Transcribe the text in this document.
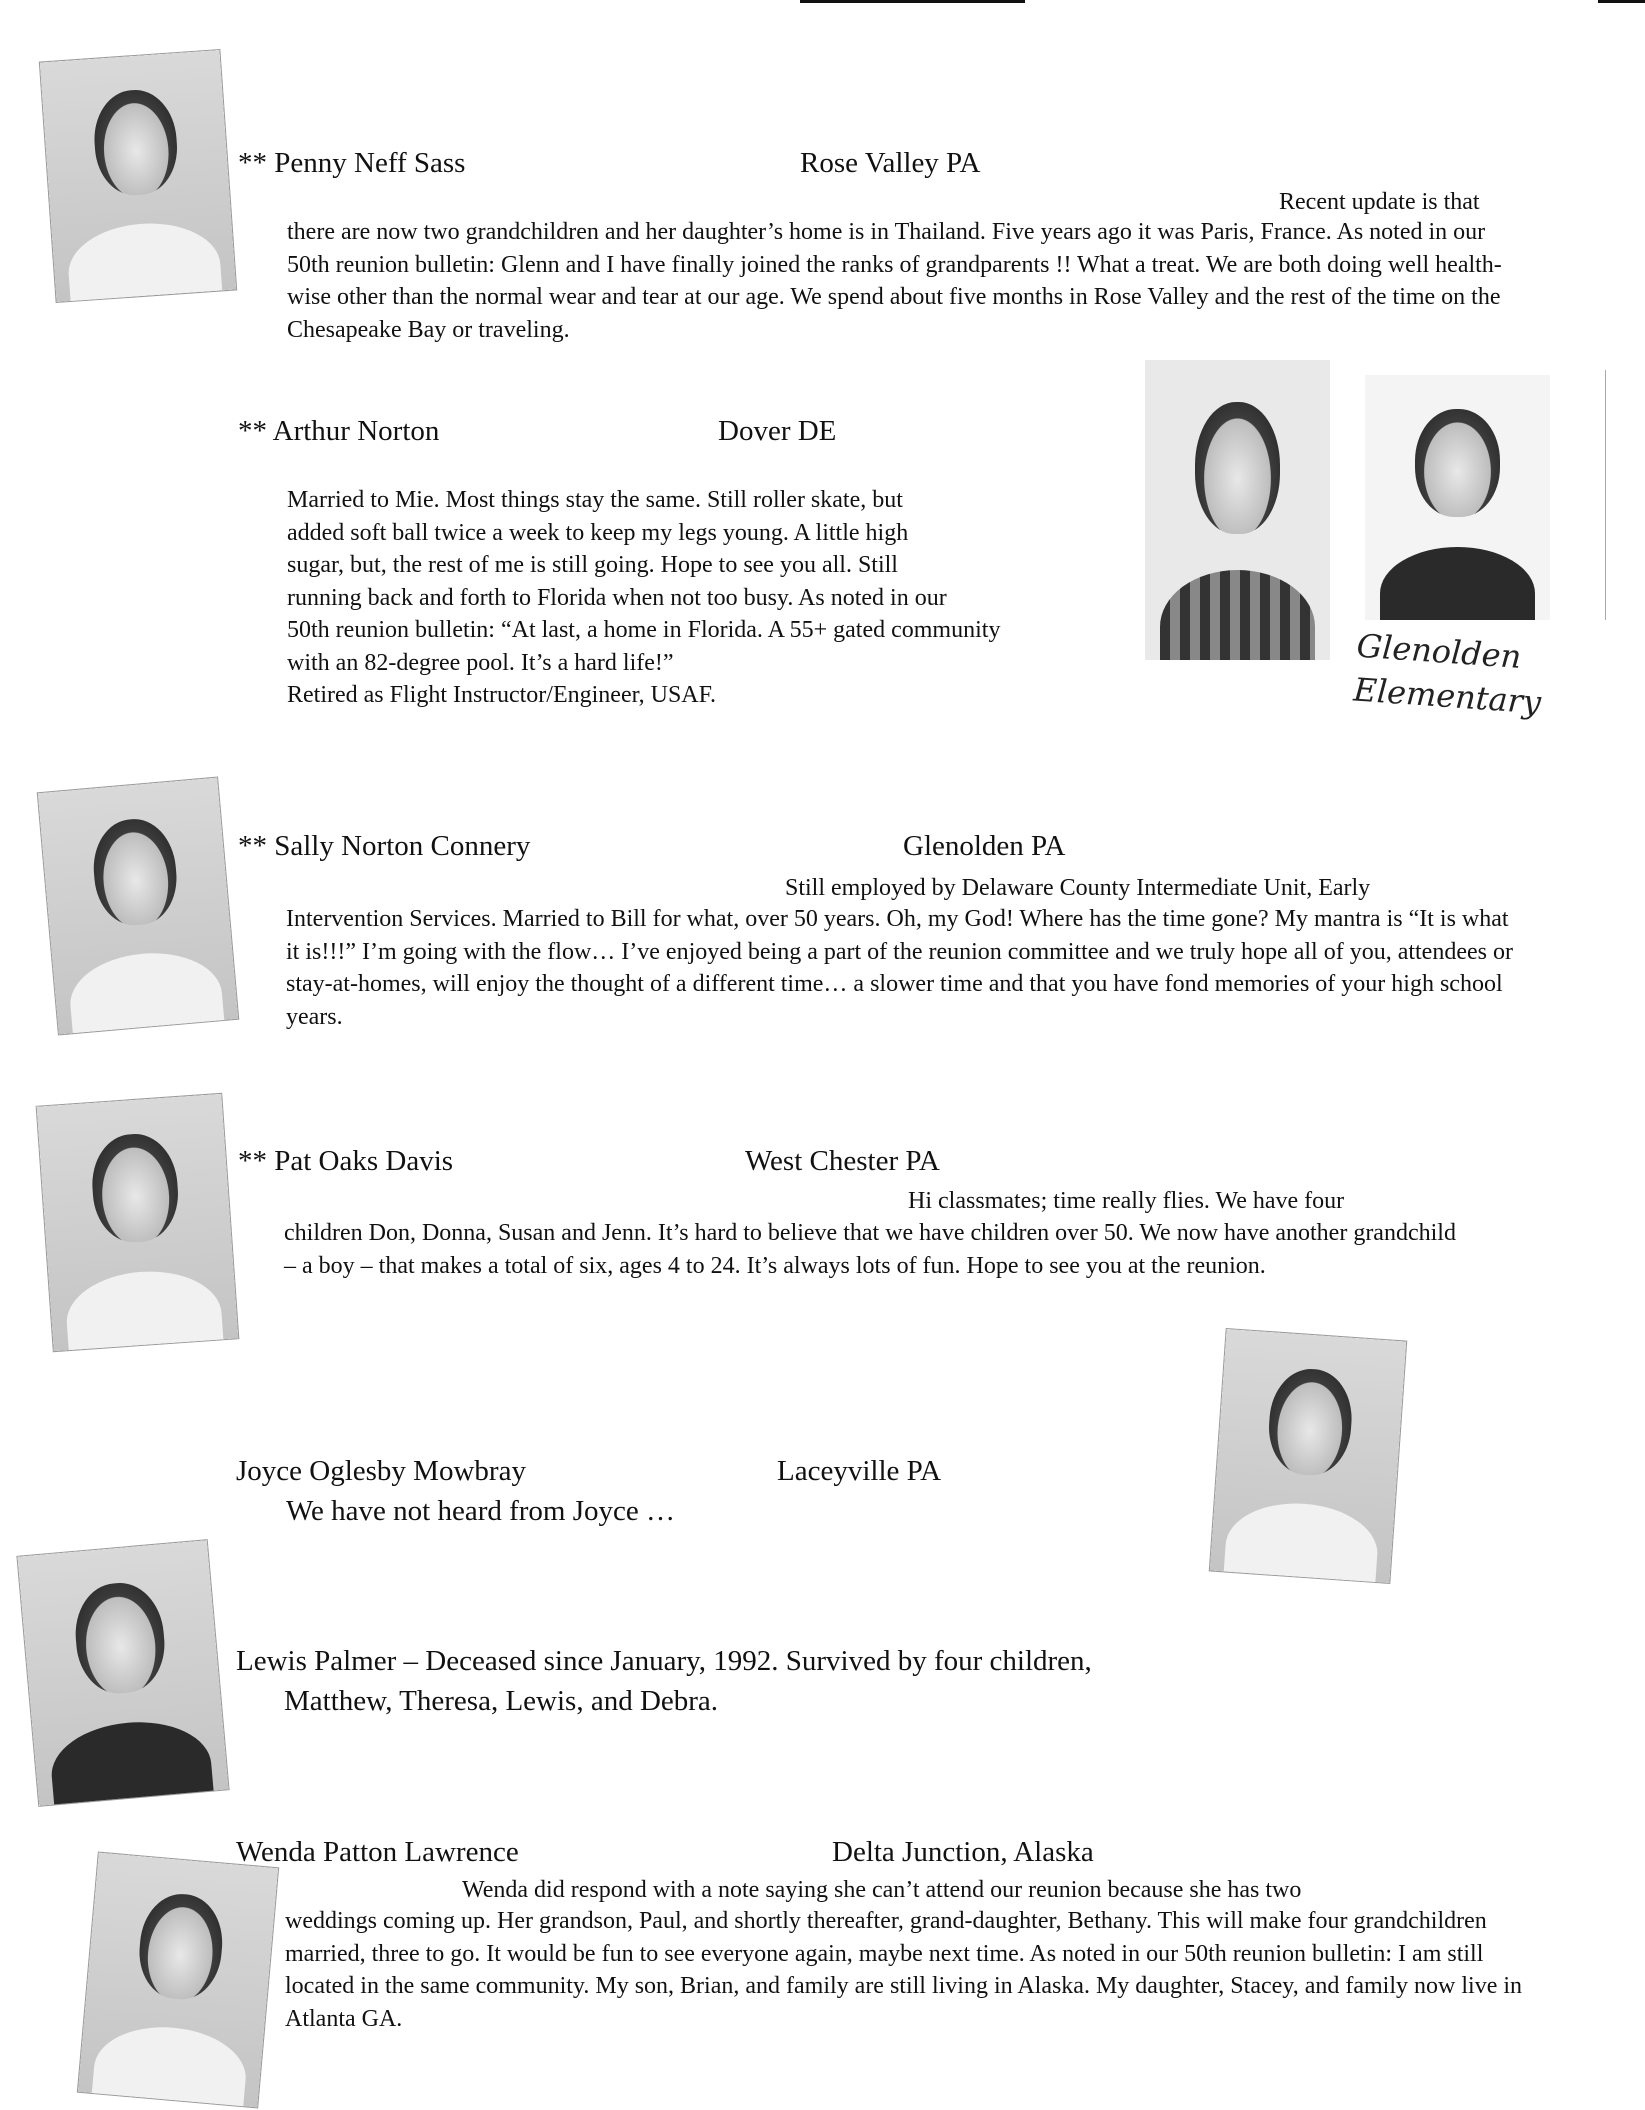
** Penny Neff Sass	Rose Valley PA
Recent update is that

there are now two grandchildren and her daughter’s home is in Thailand. Five years ago it was Paris, France. As noted in our 50th reunion bulletin: Glenn and I have finally joined the ranks of grandparents !! What a treat. We are both doing well health-wise other than the normal wear and tear at our age. We spend about five months in Rose Valley and the rest of the time on the Chesapeake Bay or traveling.

** Arthur Norton	Dover DE

Married to Mie. Most things stay the same. Still roller skate, but

added soft ball twice a week to keep my legs young. A little high

sugar, but, the rest of me is still going. Hope to see you all. Still

running back and forth to Florida when not too busy. As noted in our

50th reunion bulletin: “At last, a home in Florida. A 55+ gated community

with an 82-degree pool. It’s a hard life!”

Retired as Flight Instructor/Engineer, USAF.

Glenolden
Elementary
** Sally Norton Connery	Glenolden PA
Still employed by Delaware County Intermediate Unit, Early

Intervention Services. Married to Bill for what, over 50 years. Oh, my God! Where has the time gone? My mantra is “It is what it is!!!” I’m going with the flow… I’ve enjoyed being a part of the reunion committee and we truly hope all of you, attendees or stay-at-homes, will enjoy the thought of a different time… a slower time and that you have fond memories of your high school years.

** Pat Oaks Davis	West Chester PA
Hi classmates; time really flies. We have four

children Don, Donna, Susan and Jenn. It’s hard to believe that we have children over 50. We now have another grandchild – a boy – that makes a total of six, ages 4 to 24. It’s always lots of fun. Hope to see you at the reunion.

Joyce Oglesby Mowbray	Laceyville PA
We have not heard from Joyce …
Lewis Palmer – Deceased since January, 1992. Survived by four children,
Matthew, Theresa, Lewis, and Debra.
Wenda Patton Lawrence	Delta Junction, Alaska
Wenda did respond with a note saying she can’t attend our reunion because she has two

weddings coming up. Her grandson, Paul, and shortly thereafter, grand-daughter, Bethany. This will make four grandchildren married, three to go. It would be fun to see everyone again, maybe next time. As noted in our 50th reunion bulletin: I am still located in the same community. My son, Brian, and family are still living in Alaska. My daughter, Stacey, and family now live in Atlanta GA.
